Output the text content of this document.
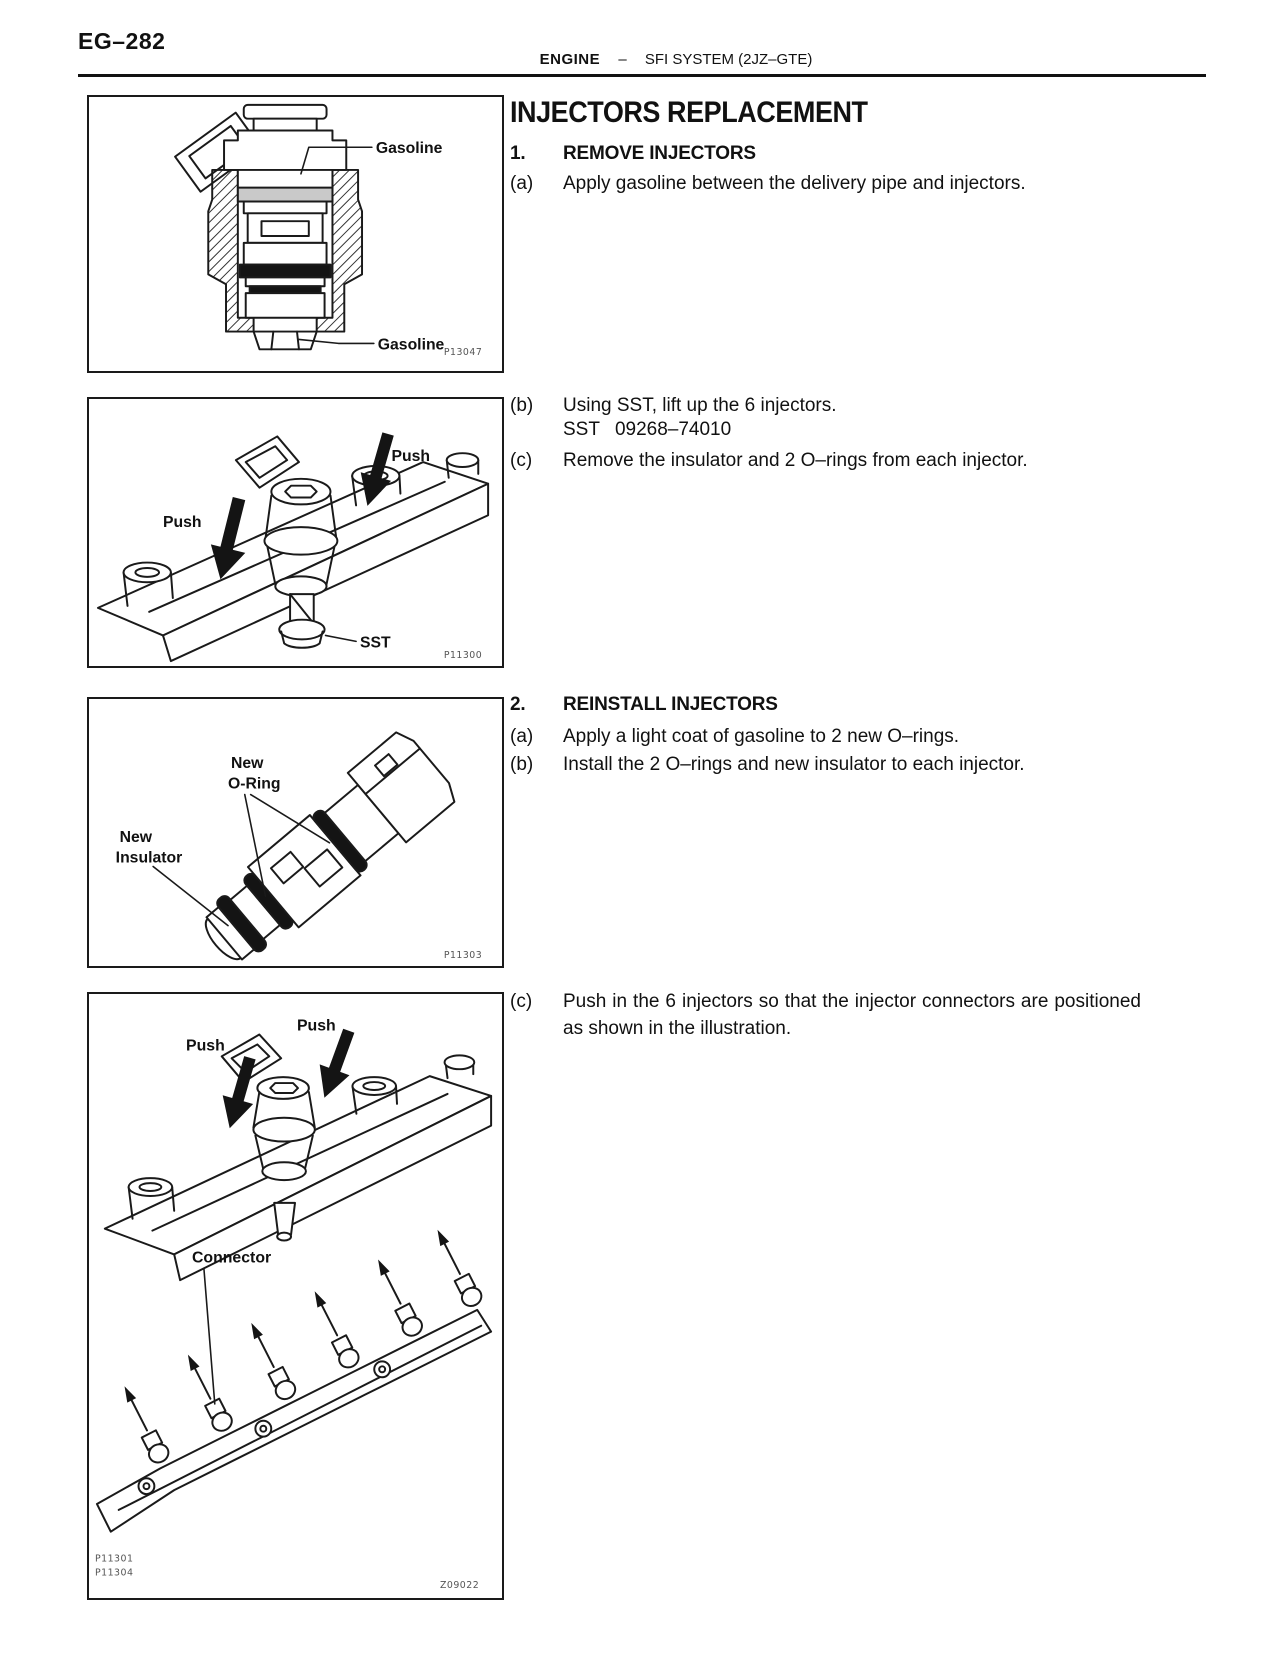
EG–282
ENGINE – SFI SYSTEM (2JZ–GTE)
Gasoline
Gasoline P13047
Push
Push
SST
P11300
New
O-Ring
New
Insulator
P11303
Push
Push
Connector
P11301
P11304
Z09022
INJECTORS REPLACEMENT
1.	REMOVE INJECTORS
(a)	Apply gasoline between the delivery pipe and injectors.
(b)	Using SST, lift up the 6 injectors.
SST 09268–74010
(c)	Remove the insulator and 2 O–rings from each injector.
2.	REINSTALL INJECTORS
(a)	Apply a light coat of gasoline to 2 new O–rings.
(b)	Install the 2 O–rings and new insulator to each injector.
(c)	Push in the 6 injectors so that the injector connectors are positioned as shown in the illustration.
